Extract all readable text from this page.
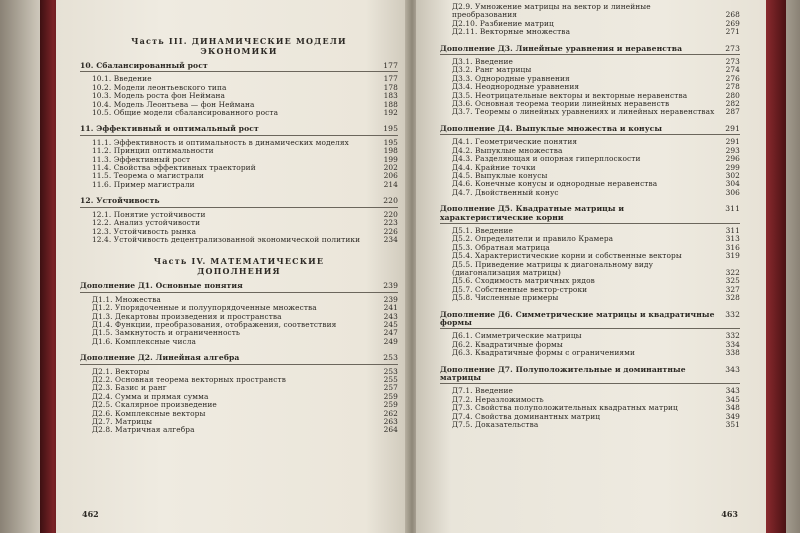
Часть III. ДИНАМИЧЕСКИЕ МОДЕЛИ
ЭКОНОМИКИ
10. Сбалансированный рост	177
10.1. Введение	177
10.2. Модели леонтьевского типа	178
10.3. Модель роста фон Неймана	183
10.4. Модель Леонтьева — фон Неймана	188
10.5. Общие модели сбалансированного роста	192
11. Эффективный и оптимальный рост	195
11.1. Эффективность и оптимальность в динамических моделях	195
11.2. Принцип оптимальности	198
11.3. Эффективный рост	199
11.4. Свойства эффективных траекторий	202
11.5. Теорема о магистрали	206
11.6. Пример магистрали	214
12. Устойчивость	220
12.1. Понятие устойчивости	220
12.2. Анализ устойчивости	223
12.3. Устойчивость рынка	226
12.4. Устойчивость децентрализованной экономической политики	234
Часть IV. МАТЕМАТИЧЕСКИЕ
ДОПОЛНЕНИЯ
Дополнение Д1. Основные понятия	239
Д1.1. Множества	239
Д1.2. Упорядоченные и полуупорядоченные множества	241
Д1.3. Декартовы произведения и пространства	243
Д1.4. Функции, преобразования, отображения, соответствия	245
Д1.5. Замкнутость и ограниченность	247
Д1.6. Комплексные числа	249
Дополнение Д2. Линейная алгебра	253
Д2.1. Векторы	253
Д2.2. Основная теорема векторных пространств	255
Д2.3. Базис и ранг	257
Д2.4. Сумма и прямая сумма	259
Д2.5. Скалярное произведение	259
Д2.6. Комплексные векторы	262
Д2.7. Матрицы	263
Д2.8. Матричная алгебра	264
462
Д2.9. Умножение матрицы на вектор и линейные преобразования	268
Д2.10. Разбиение матриц	269
Д2.11. Векторные множества	271
Дополнение Д3. Линейные уравнения и неравенства	273
Д3.1. Введение	273
Д3.2. Ранг матрицы	274
Д3.3. Однородные уравнения	276
Д3.4. Неоднородные уравнения	278
Д3.5. Неотрицательные векторы и векторные неравенства	280
Д3.6. Основная теорема теории линейных неравенств	282
Д3.7. Теоремы о линейных уравнениях и линейных неравенствах	287
Дополнение Д4. Выпуклые множества и конусы	291
Д4.1. Геометрические понятия	291
Д4.2. Выпуклые множества	293
Д4.3. Разделяющая и опорная гиперплоскости	296
Д4.4. Крайние точки	299
Д4.5. Выпуклые конусы	302
Д4.6. Конечные конусы и однородные неравенства	304
Д4.7. Двойственный конус	306
Дополнение Д5. Квадратные матрицы и характеристические корни
311
Д5.1. Введение	311
Д5.2. Определители и правило Крамера	313
Д5.3. Обратная матрица	316
Д5.4. Характеристические корни и собственные векторы	319
Д5.5. Приведение матрицы к диагональному виду (диагонализация матрицы)	322
Д5.6. Сходимость матричных рядов	325
Д5.7. Собственные вектор-строки	327
Д5.8. Численные примеры	328
Дополнение Д6. Симметрические матрицы и квадратичные формы
332
Д6.1. Симметрические матрицы	332
Д6.2. Квадратичные формы	334
Д6.3. Квадратичные формы с ограничениями	338
Дополнение Д7. Полуположительные и доминантные матрицы
343
Д7.1. Введение	343
Д7.2. Неразложимость	345
Д7.3. Свойства полуположительных квадратных матриц	348
Д7.4. Свойства доминантных матриц	349
Д7.5. Доказательства	351
463
